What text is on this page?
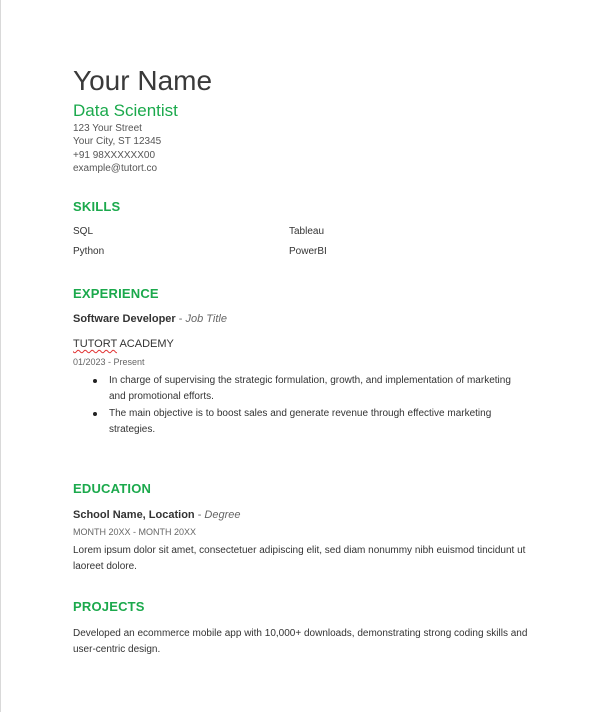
Your Name
Data Scientist
123 Your Street
Your City, ST 12345
+91 98XXXXXX00
example@tutort.co
SKILLS
SQL	Tableau
Python	PowerBI
EXPERIENCE
Software Developer - Job Title
TUTORT ACADEMY
01/2023 - Present
In charge of supervising the strategic formulation, growth, and implementation of marketing and promotional efforts.
The main objective is to boost sales and generate revenue through effective marketing strategies.
EDUCATION
School Name, Location - Degree
MONTH 20XX - MONTH 20XX
Lorem ipsum dolor sit amet, consectetuer adipiscing elit, sed diam nonummy nibh euismod tincidunt ut laoreet dolore.
PROJECTS
Developed an ecommerce mobile app with 10,000+ downloads, demonstrating strong coding skills and user-centric design.
